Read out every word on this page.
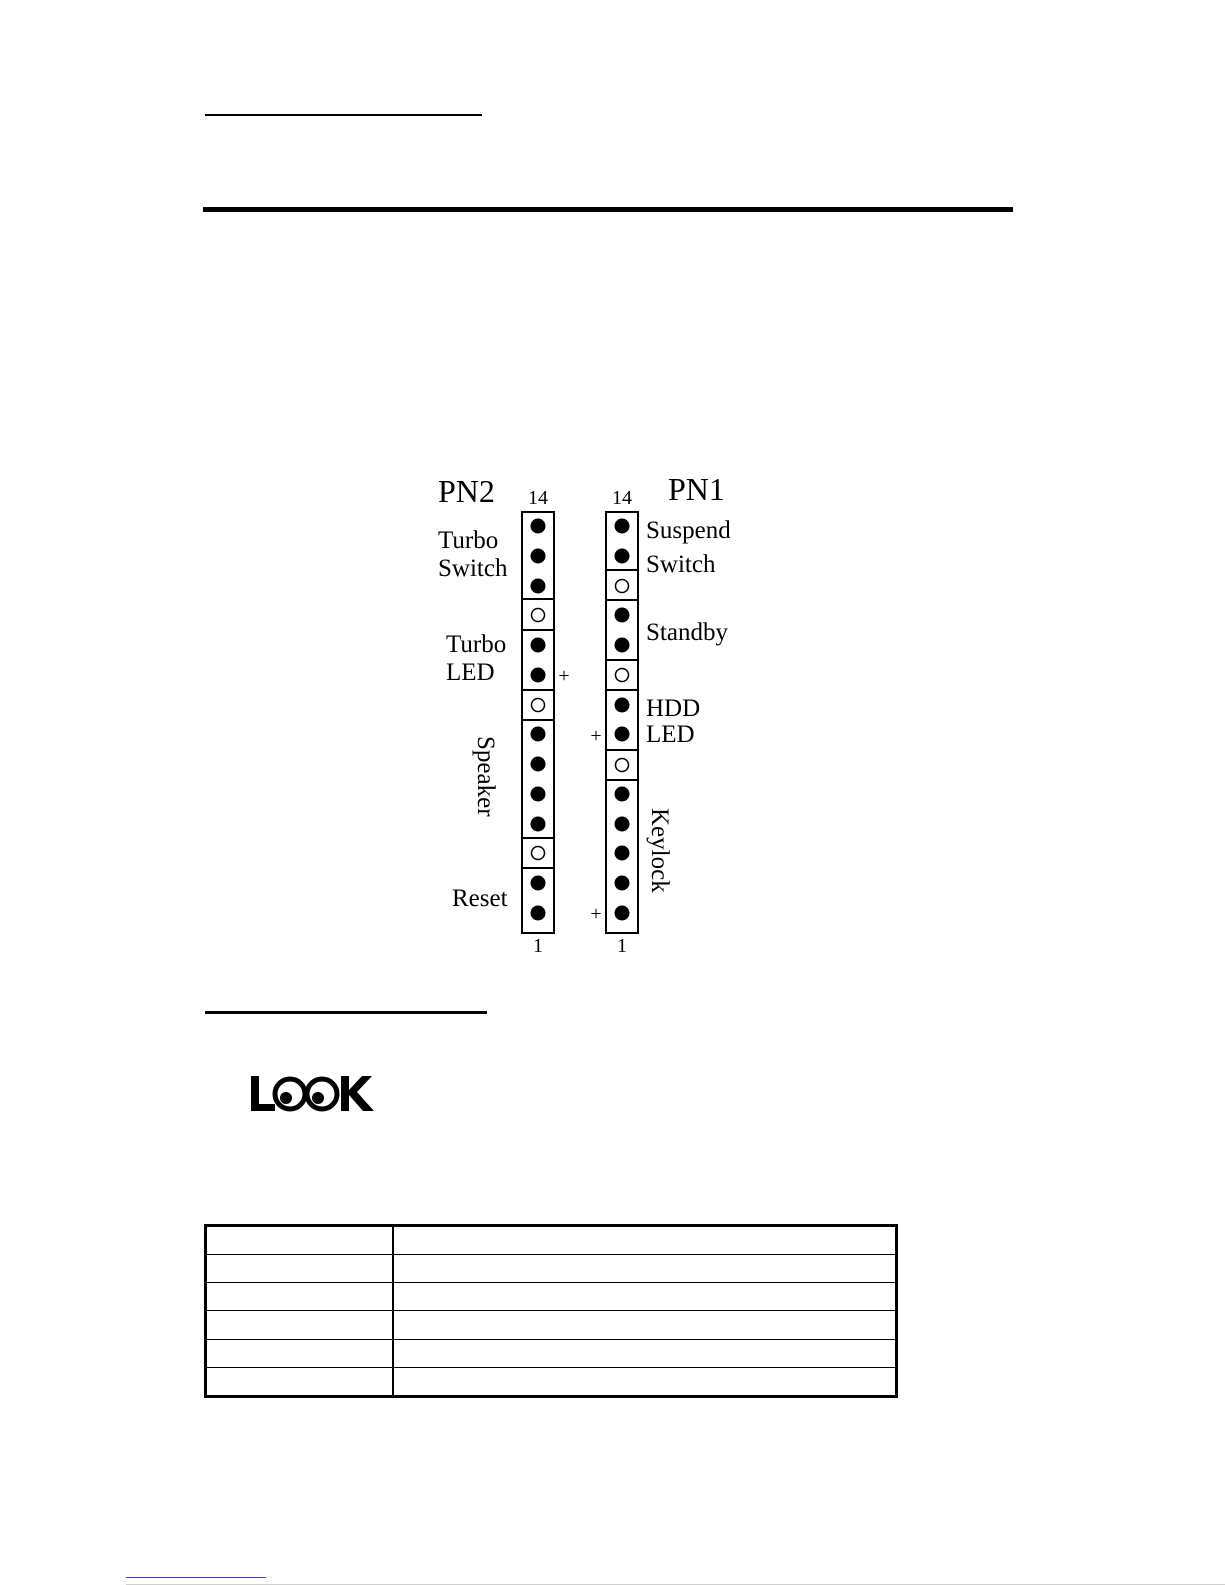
PN2 14
1
Turbo
Switch
Turbo
LED
Speaker
Reset
+
PN1
14
1
Suspend
Switch
Standby
HDD
LED
Keylock
+
+
